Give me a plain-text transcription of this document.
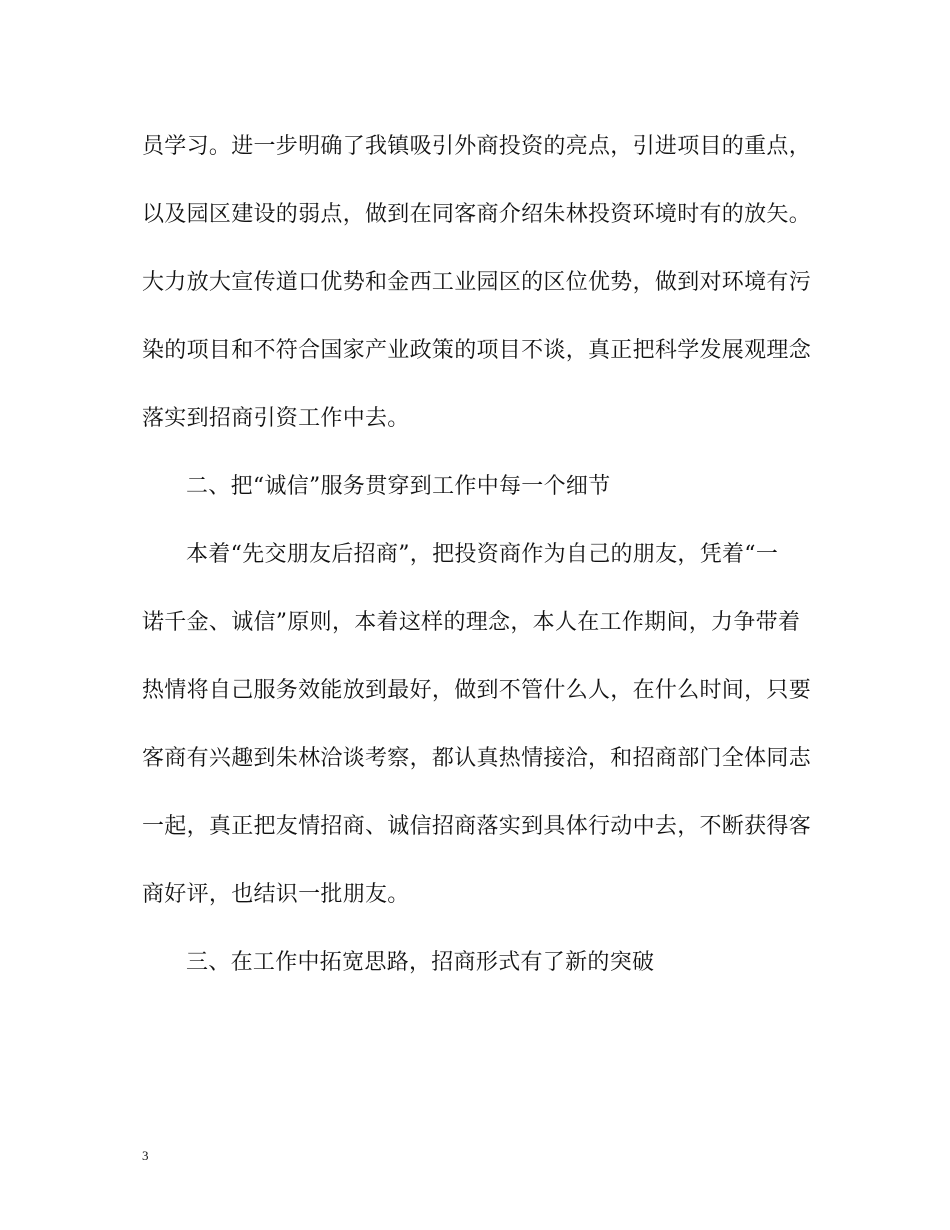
员学习。进一步明确了我镇吸引外商投资的亮点，引进项目的重点，
以及园区建设的弱点，做到在同客商介绍朱林投资环境时有的放矢。
大力放大宣传道口优势和金西工业园区的区位优势，做到对环境有污
染的项目和不符合国家产业政策的项目不谈，真正把科学发展观理念
落实到招商引资工作中去。
二、把“诚信”服务贯穿到工作中每一个细节
本着“先交朋友后招商”，把投资商作为自己的朋友，凭着“一
诺千金、诚信”原则，本着这样的理念，本人在工作期间，力争带着
热情将自己服务效能放到最好，做到不管什么人，在什么时间，只要
客商有兴趣到朱林洽谈考察，都认真热情接洽，和招商部门全体同志
一起，真正把友情招商、诚信招商落实到具体行动中去，不断获得客
商好评，也结识一批朋友。
三、在工作中拓宽思路，招商形式有了新的突破
3
